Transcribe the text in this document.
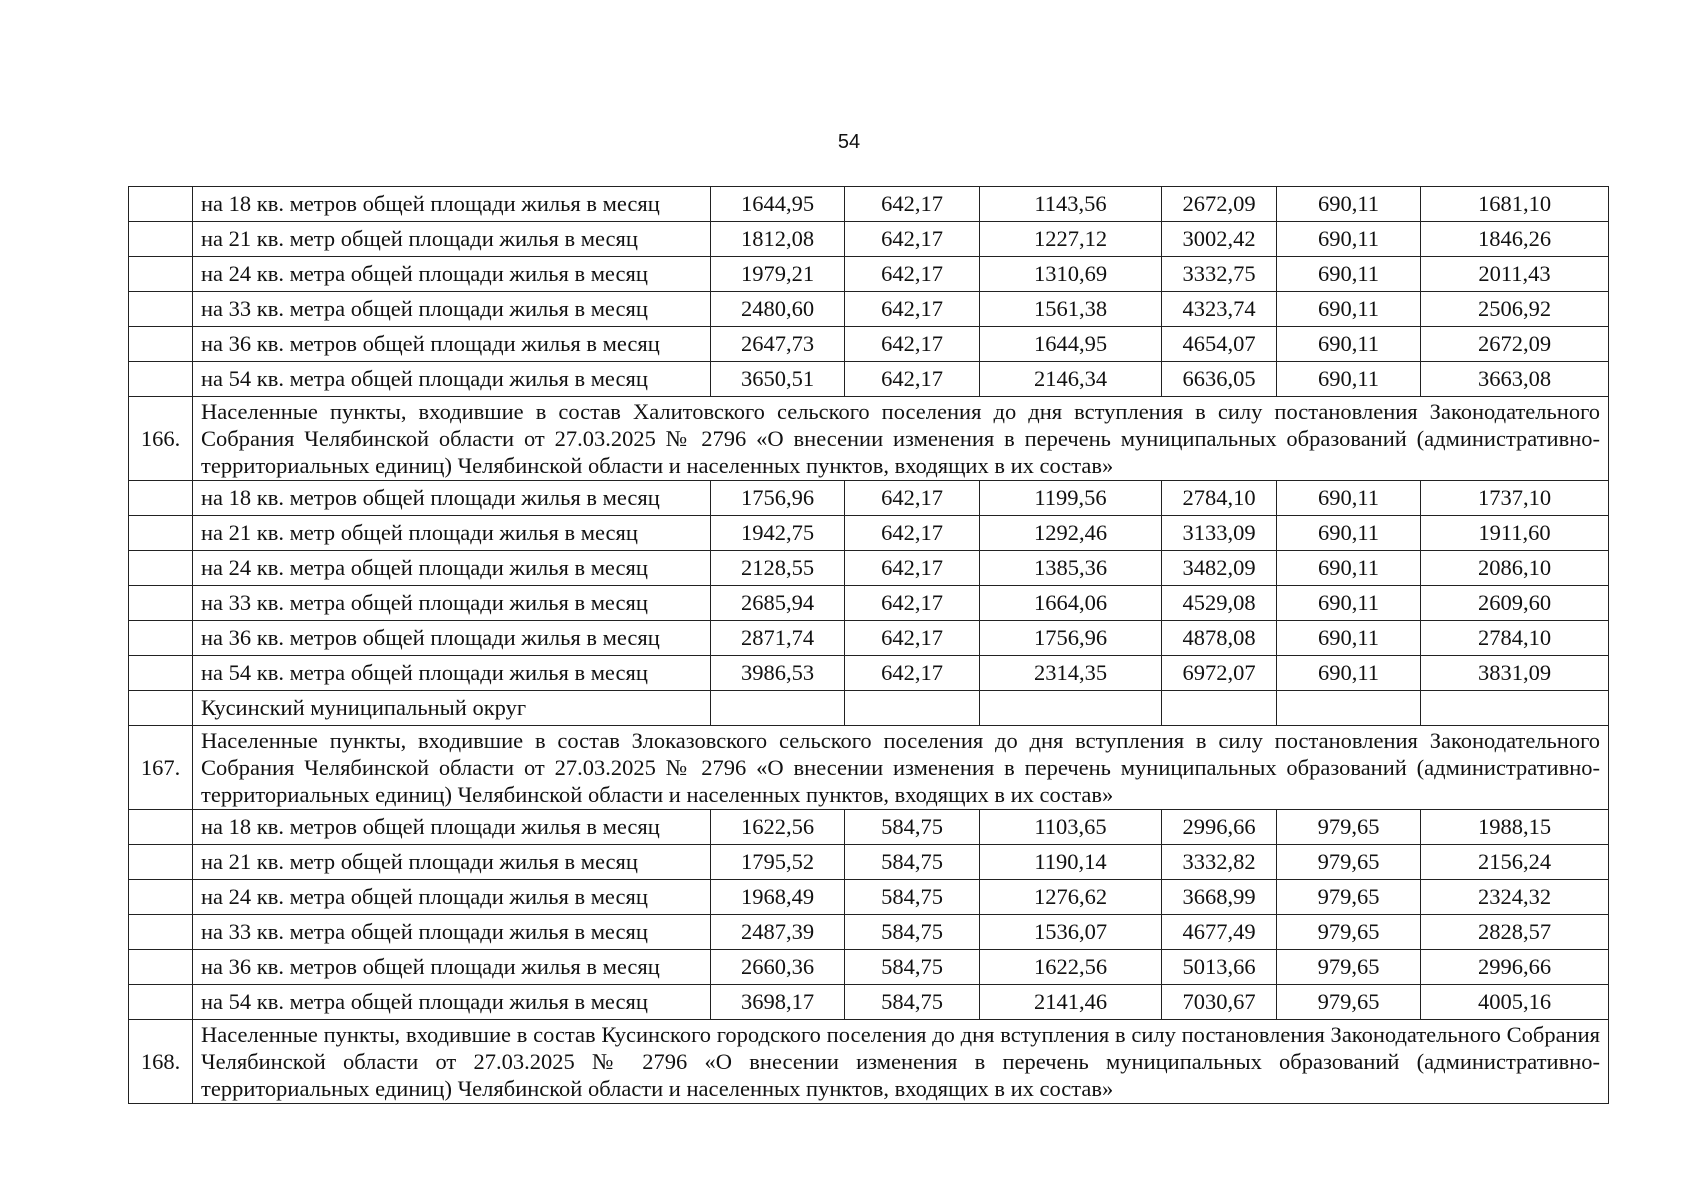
54
	на 18 кв. метров общей площади жилья в месяц	1644,95	642,17	1143,56	2672,09	690,11	1681,10
	на 21 кв. метр общей площади жилья в месяц	1812,08	642,17	1227,12	3002,42	690,11	1846,26
	на 24 кв. метра общей площади жилья в месяц	1979,21	642,17	1310,69	3332,75	690,11	2011,43
	на 33 кв. метра общей площади жилья в месяц	2480,60	642,17	1561,38	4323,74	690,11	2506,92
	на 36 кв. метров общей площади жилья в месяц	2647,73	642,17	1644,95	4654,07	690,11	2672,09
	на 54 кв. метра общей площади жилья в месяц	3650,51	642,17	2146,34	6636,05	690,11	3663,08
166.	Населенные пункты, входившие в состав Халитовского сельского поселения до дня вступления в силу постановления Законодательного Собрания Челябинской области от 27.03.2025 № 2796 «О внесении изменения в перечень муниципальных образований (административно-территориальных единиц) Челябинской области и населенных пунктов, входящих в их состав»						
	на 18 кв. метров общей площади жилья в месяц	1756,96	642,17	1199,56	2784,10	690,11	1737,10
	на 21 кв. метр общей площади жилья в месяц	1942,75	642,17	1292,46	3133,09	690,11	1911,60
	на 24 кв. метра общей площади жилья в месяц	2128,55	642,17	1385,36	3482,09	690,11	2086,10
	на 33 кв. метра общей площади жилья в месяц	2685,94	642,17	1664,06	4529,08	690,11	2609,60
	на 36 кв. метров общей площади жилья в месяц	2871,74	642,17	1756,96	4878,08	690,11	2784,10
	на 54 кв. метра общей площади жилья в месяц	3986,53	642,17	2314,35	6972,07	690,11	3831,09
	Кусинский муниципальный округ						
167.	Населенные пункты, входившие в состав Злоказовского сельского поселения до дня вступления в силу постановления Законодательного Собрания Челябинской области от 27.03.2025 № 2796 «О внесении изменения в перечень муниципальных образований (административно-территориальных единиц) Челябинской области и населенных пунктов, входящих в их состав»						
	на 18 кв. метров общей площади жилья в месяц	1622,56	584,75	1103,65	2996,66	979,65	1988,15
	на 21 кв. метр общей площади жилья в месяц	1795,52	584,75	1190,14	3332,82	979,65	2156,24
	на 24 кв. метра общей площади жилья в месяц	1968,49	584,75	1276,62	3668,99	979,65	2324,32
	на 33 кв. метра общей площади жилья в месяц	2487,39	584,75	1536,07	4677,49	979,65	2828,57
	на 36 кв. метров общей площади жилья в месяц	2660,36	584,75	1622,56	5013,66	979,65	2996,66
	на 54 кв. метра общей площади жилья в месяц	3698,17	584,75	2141,46	7030,67	979,65	4005,16
168.	Населенные пункты, входившие в состав Кусинского городского поселения до дня вступления в силу постановления Законодательного Собрания Челябинской области от 27.03.2025 № 2796 «О внесении изменения в перечень муниципальных образований (административно-территориальных единиц) Челябинской области и населенных пунктов, входящих в их состав»						
